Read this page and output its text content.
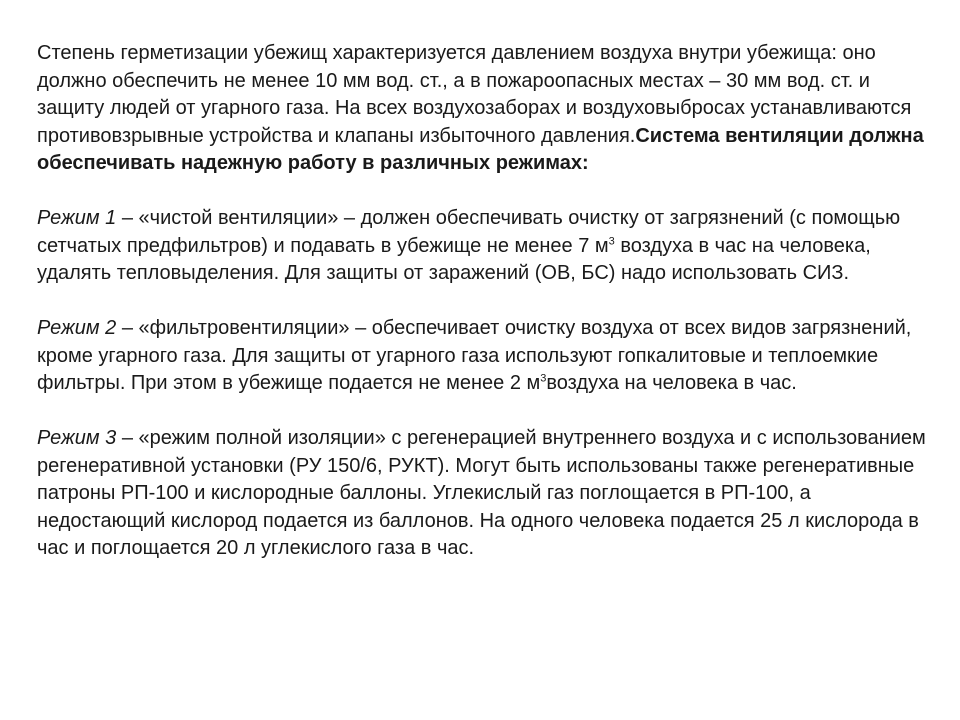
Степень герметизации убежищ характеризуется давлением воздуха внутри убежища: оно должно обеспечить не менее 10 мм вод. ст., а в пожароопасных местах – 30 мм вод. ст. и защиту людей от угарного газа. На всех воздухозаборах и воздуховыбросах устанавливаются противовзрывные устройства и клапаны избыточного давления.Система вентиляции должна обеспечивать надежную работу в различных режимах:

Режим 1 – «чистой вентиляции» – должен обеспечивать очистку от загрязнений (с помощью сетчатых предфильтров) и подавать в убежище не менее 7 $м^3$ воздуха в час на человека, удалять тепловыделения. Для защиты от заражений (ОВ, БС) надо использовать СИЗ.

Режим 2 – «фильтровентиляции» – обеспечивает очистку воздуха от всех видов загрязнений, кроме угарного газа. Для защиты от угарного газа используют гопкалитовые и теплоемкие фильтры. При этом в убежище подается не менее 2 $м^3воздуха$ на человека в час.

Режим 3 – «режим полной изоляции» с регенерацией внутреннего воздуха и с использованием регенеративной установки (РУ 150/6, РУКТ). Могут быть использованы также регенеративные патроны РП-100 и кислородные баллоны. Углекислый газ поглощается в РП-100, а недостающий кислород подается из баллонов. На одного человека подается 25 л кислорода в час и поглощается 20 л углекислого газа в час.
